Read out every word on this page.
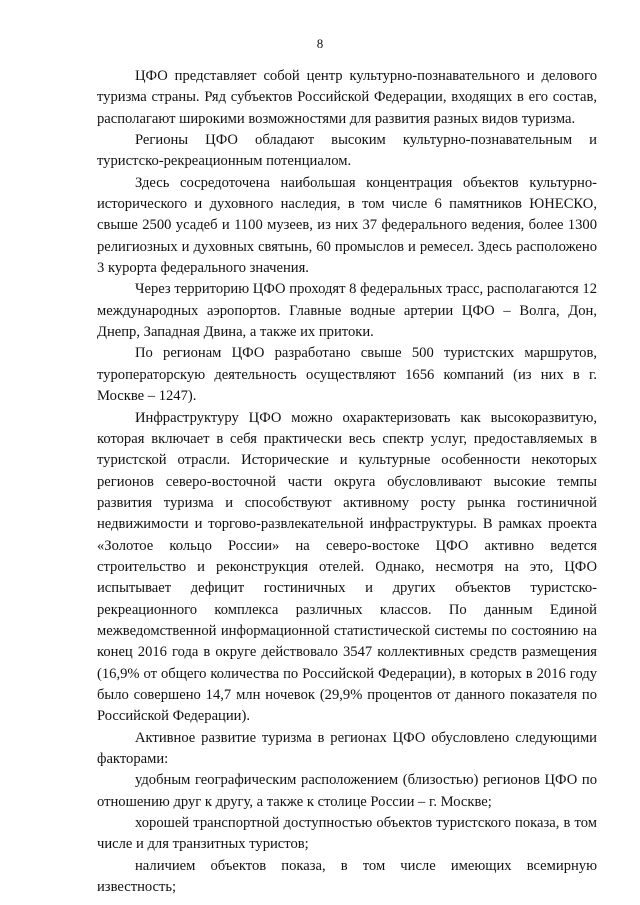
8

ЦФО представляет собой центр культурно-познавательного и делового туризма страны. Ряд субъектов Российской Федерации, входящих в его состав, располагают широкими возможностями для развития разных видов туризма.

Регионы ЦФО обладают высоким культурно-познавательным и туристско-рекреационным потенциалом.

Здесь сосредоточена наибольшая концентрация объектов культурно-исторического и духовного наследия, в том числе 6 памятников ЮНЕСКО, свыше 2500 усадеб и 1100 музеев, из них 37 федерального ведения, более 1300 религиозных и духовных святынь, 60 промыслов и ремесел. Здесь расположено 3 курорта федерального значения.

Через территорию ЦФО проходят 8 федеральных трасс, располагаются 12 международных аэропортов. Главные водные артерии ЦФО – Волга, Дон, Днепр, Западная Двина, а также их притоки.

По регионам ЦФО разработано свыше 500 туристских маршрутов, туроператорскую деятельность осуществляют 1656 компаний (из них в г. Москве – 1247).

Инфраструктуру ЦФО можно охарактеризовать как высокоразвитую, которая включает в себя практически весь спектр услуг, предоставляемых в туристской отрасли. Исторические и культурные особенности некоторых регионов северо-восточной части округа обусловливают высокие темпы развития туризма и способствуют активному росту рынка гостиничной недвижимости и торгово-развлекательной инфраструктуры. В рамках проекта «Золотое кольцо России» на северо-востоке ЦФО активно ведется строительство и реконструкция отелей. Однако, несмотря на это, ЦФО испытывает дефицит гостиничных и других объектов туристско-рекреационного комплекса различных классов. По данным Единой межведомственной информационной статистической системы по состоянию на конец 2016 года в округе действовало 3547 коллективных средств размещения (16,9% от общего количества по Российской Федерации), в которых в 2016 году было совершено 14,7 млн ночевок (29,9% процентов от данного показателя по Российской Федерации).

Активное развитие туризма в регионах ЦФО обусловлено следующими факторами:

удобным географическим расположением (близостью) регионов ЦФО по отношению друг к другу, а также к столице России – г. Москве;

хорошей транспортной доступностью объектов туристского показа, в том числе и для транзитных туристов;

наличием объектов показа, в том числе имеющих всемирную известность;
